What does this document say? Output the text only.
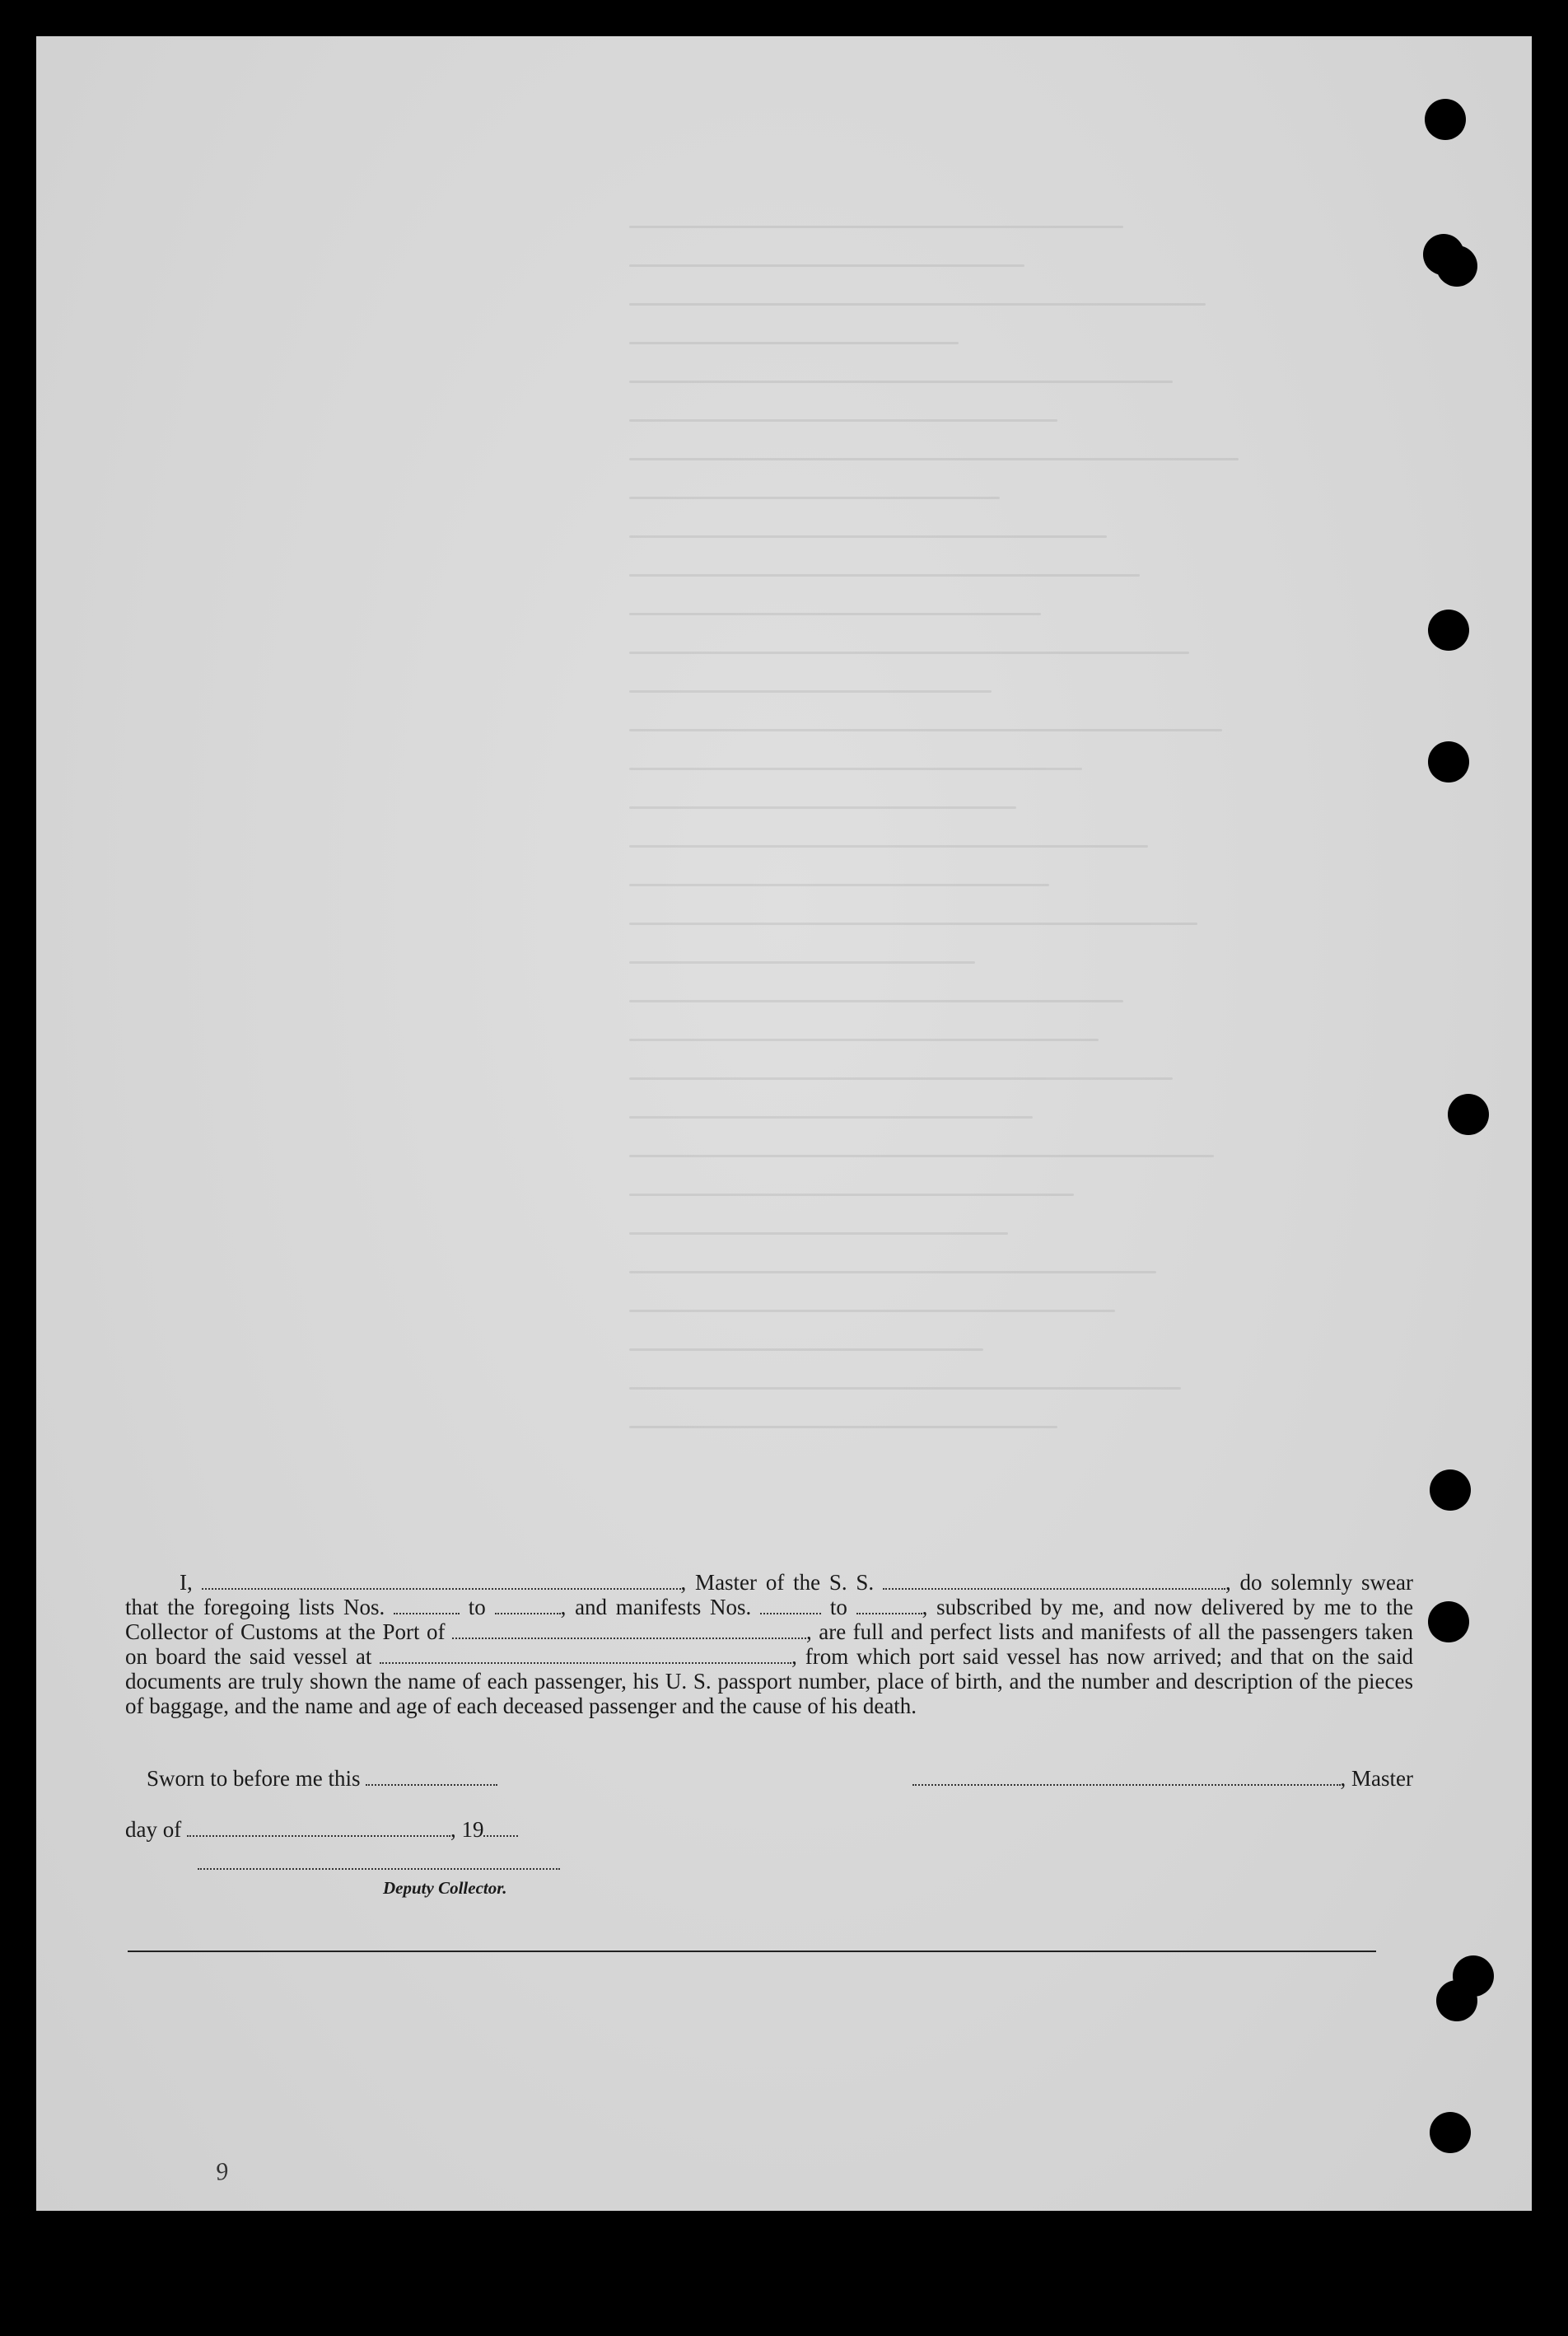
I,	, Master of the S. S.	, do solemnly swear that the foregoing lists Nos.	to	, and manifests Nos.	to	, subscribed by me, and now delivered by me to the Collector of Customs at the Port of	, are full and perfect lists and manifests of all the passengers taken on board the said vessel at	, from which port said vessel has now arrived; and that on the said documents are truly shown the name of each passenger, his U. S. passport number, place of birth, and the number and description of the pieces of baggage, and the name and age of each deceased passenger and the cause of his death.

Sworn to before me this	, Master
day of	, 19
Deputy Collector.
9
